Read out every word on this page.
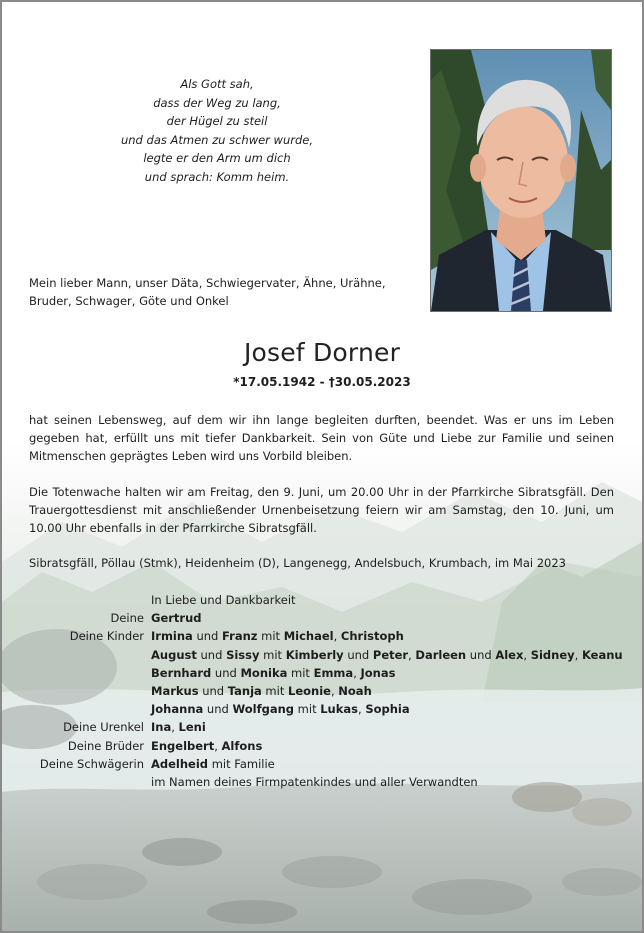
Als Gott sah,
dass der Weg zu lang,
der Hügel zu steil
und das Atmen zu schwer wurde,
legte er den Arm um dich
und sprach: Komm heim.
Mein lieber Mann, unser Däta, Schwiegervater, Ähne, Urähne, Bruder, Schwager, Göte und Onkel
Josef Dorner
*17.05.1942 - †30.05.2023
hat seinen Lebensweg, auf dem wir ihn lange begleiten durften, beendet. Was er uns im Leben gegeben hat, erfüllt uns mit tiefer Dankbarkeit. Sein von Güte und Liebe zur Familie und seinen Mitmenschen geprägtes Leben wird uns Vorbild bleiben.
Die Totenwache halten wir am Freitag, den 9. Juni, um 20.00 Uhr in der Pfarrkirche Sibratsgfäll. Den Trauergottesdienst mit anschließender Urnenbeisetzung feiern wir am Samstag, den 10. Juni, um 10.00 Uhr ebenfalls in der Pfarrkirche Sibratsgfäll.
Sibratsgfäll, Pöllau (Stmk), Heidenheim (D), Langenegg, Andelsbuch, Krumbach, im Mai 2023
In Liebe und Dankbarkeit
Deine Gertrud
Deine Kinder Irmina und Franz mit Michael, Christoph
August und Sissy mit Kimberly und Peter, Darleen und Alex, Sidney, Keanu
Bernhard und Monika mit Emma, Jonas
Markus und Tanja mit Leonie, Noah
Johanna und Wolfgang mit Lukas, Sophia
Deine Urenkel Ina, Leni
Deine Brüder Engelbert, Alfons
Deine Schwägerin Adelheid mit Familie
im Namen deines Firmpatenkindes und aller Verwandten
